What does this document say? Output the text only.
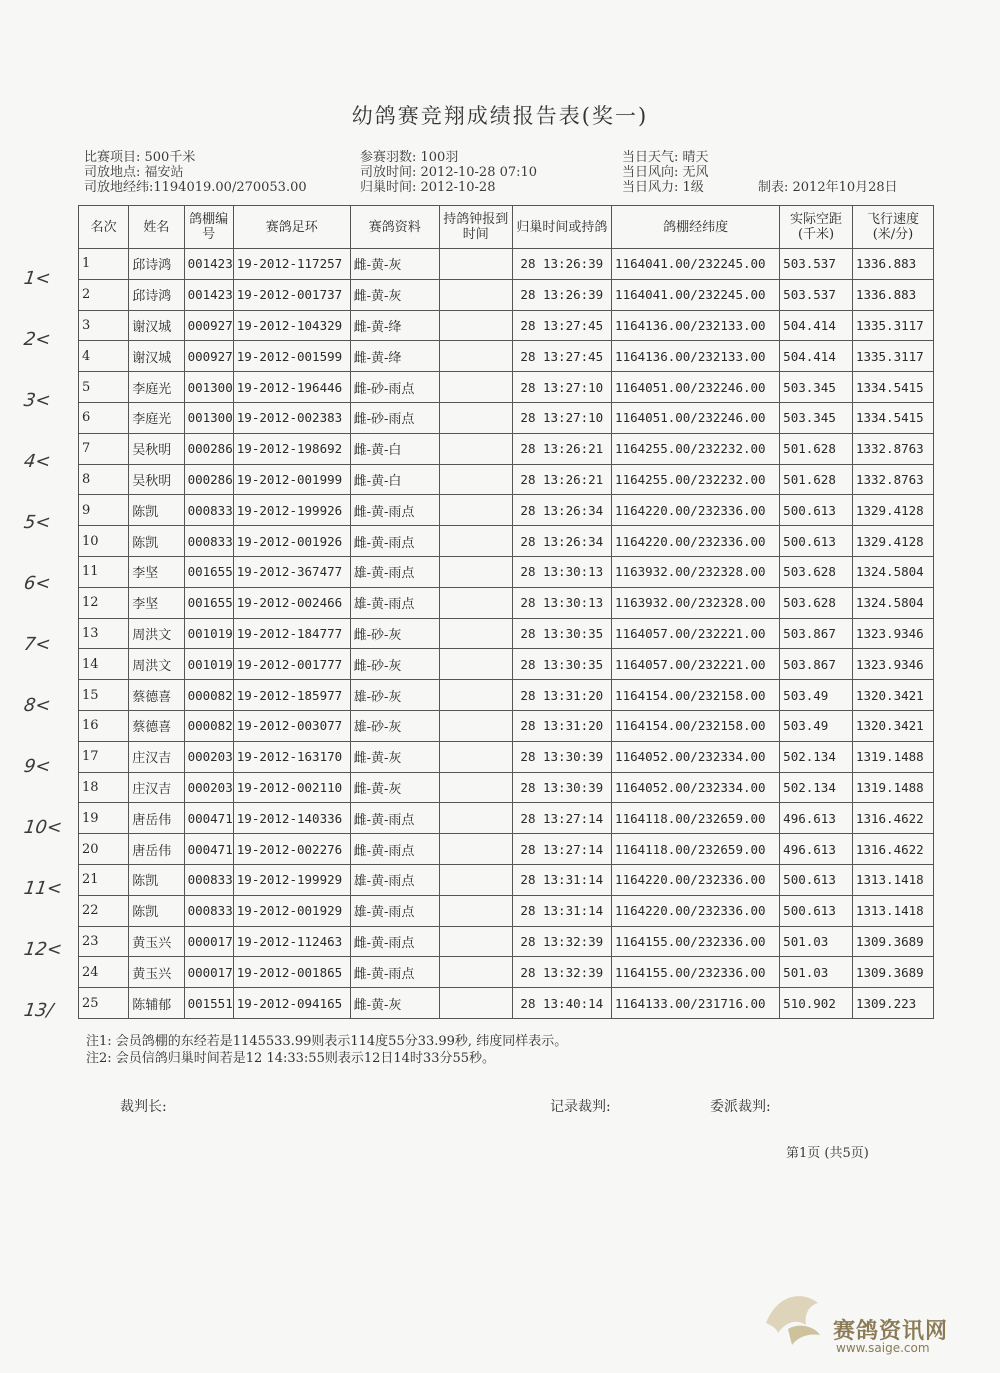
幼鸽赛竞翔成绩报告表(奖一)
比赛项目: 500千米
司放地点: 福安站
司放地经纬:1194019.00/270053.00
参赛羽数: 100羽
司放时间: 2012-10-28 07:10
归巢时间: 2012-10-28
当日天气: 晴天
当日风向: 无风
当日风力: 1级	制表: 2012年10月28日
名次	姓名	鸽棚编号	赛鸽足环	赛鸽资料	持鸽钟报到时间	归巢时间或持鸽	鸽棚经纬度	实际空距(千米)	飞行速度(米/分)
1	邱诗鸿	001423	19-2012-117257	雌-黄-灰		28 13:26:39	1164041.00/232245.00	503.537	1336.883
2	邱诗鸿	001423	19-2012-001737	雌-黄-灰		28 13:26:39	1164041.00/232245.00	503.537	1336.883
3	谢汉城	000927	19-2012-104329	雌-黄-绛		28 13:27:45	1164136.00/232133.00	504.414	1335.3117
4	谢汉城	000927	19-2012-001599	雌-黄-绛		28 13:27:45	1164136.00/232133.00	504.414	1335.3117
5	李庭光	001300	19-2012-196446	雌-砂-雨点		28 13:27:10	1164051.00/232246.00	503.345	1334.5415
6	李庭光	001300	19-2012-002383	雌-砂-雨点		28 13:27:10	1164051.00/232246.00	503.345	1334.5415
7	吴秋明	000286	19-2012-198692	雌-黄-白		28 13:26:21	1164255.00/232232.00	501.628	1332.8763
8	吴秋明	000286	19-2012-001999	雌-黄-白		28 13:26:21	1164255.00/232232.00	501.628	1332.8763
9	陈凯	000833	19-2012-199926	雌-黄-雨点		28 13:26:34	1164220.00/232336.00	500.613	1329.4128
10	陈凯	000833	19-2012-001926	雌-黄-雨点		28 13:26:34	1164220.00/232336.00	500.613	1329.4128
11	李坚	001655	19-2012-367477	雄-黄-雨点		28 13:30:13	1163932.00/232328.00	503.628	1324.5804
12	李坚	001655	19-2012-002466	雄-黄-雨点		28 13:30:13	1163932.00/232328.00	503.628	1324.5804
13	周洪文	001019	19-2012-184777	雌-砂-灰		28 13:30:35	1164057.00/232221.00	503.867	1323.9346
14	周洪文	001019	19-2012-001777	雌-砂-灰		28 13:30:35	1164057.00/232221.00	503.867	1323.9346
15	蔡德喜	000082	19-2012-185977	雄-砂-灰		28 13:31:20	1164154.00/232158.00	503.49	1320.3421
16	蔡德喜	000082	19-2012-003077	雄-砂-灰		28 13:31:20	1164154.00/232158.00	503.49	1320.3421
17	庄汉吉	000203	19-2012-163170	雌-黄-灰		28 13:30:39	1164052.00/232334.00	502.134	1319.1488
18	庄汉吉	000203	19-2012-002110	雌-黄-灰		28 13:30:39	1164052.00/232334.00	502.134	1319.1488
19	唐岳伟	000471	19-2012-140336	雌-黄-雨点		28 13:27:14	1164118.00/232659.00	496.613	1316.4622
20	唐岳伟	000471	19-2012-002276	雌-黄-雨点		28 13:27:14	1164118.00/232659.00	496.613	1316.4622
21	陈凯	000833	19-2012-199929	雄-黄-雨点		28 13:31:14	1164220.00/232336.00	500.613	1313.1418
22	陈凯	000833	19-2012-001929	雄-黄-雨点		28 13:31:14	1164220.00/232336.00	500.613	1313.1418
23	黄玉兴	000017	19-2012-112463	雌-黄-雨点		28 13:32:39	1164155.00/232336.00	501.03	1309.3689
24	黄玉兴	000017	19-2012-001865	雌-黄-雨点		28 13:32:39	1164155.00/232336.00	501.03	1309.3689
25	陈辅郁	001551	19-2012-094165	雌-黄-灰		28 13:40:14	1164133.00/231716.00	510.902	1309.223
注1: 会员鸽棚的东经若是1145533.99则表示114度55分33.99秒, 纬度同样表示。
注2: 会员信鸽归巢时间若是12 14:33:55则表示12日14时33分55秒。
裁判长:	记录裁判:	委派裁判:
第1页 (共5页)
1<
2<
3<
4<
5<
6<
7<
8<
9<
10<
11<
12<
13/
赛鸽资讯网
www.saige.com
